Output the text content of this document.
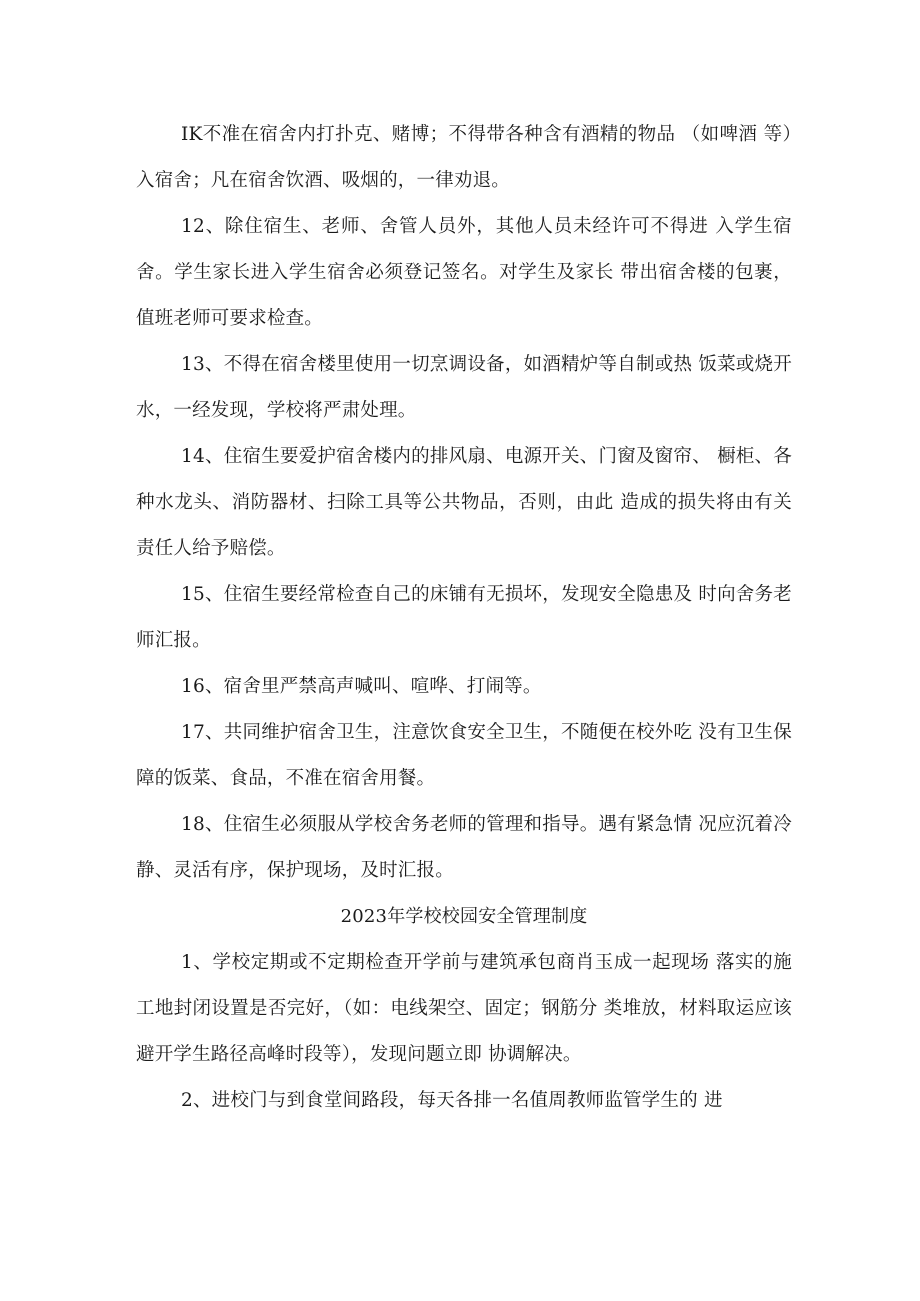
IK不准在宿舍内打扑克、赌博；不得带各种含有酒精的物品 （如啤酒 等）入宿舍；凡在宿舍饮酒、吸烟的，一律劝退。

12、除住宿生、老师、舍管人员外，其他人员未经许可不得进 入学生宿舍。学生家长进入学生宿舍必须登记签名。对学生及家长 带出宿舍楼的包裹，值班老师可要求检查。

13、不得在宿舍楼里使用一切烹调设备，如酒精炉等自制或热 饭菜或烧开水，一经发现，学校将严肃处理。

14、住宿生要爱护宿舍楼内的排风扇、电源开关、门窗及窗帘、 橱柜、各种水龙头、消防器材、扫除工具等公共物品，否则，由此 造成的损失将由有关责任人给予赔偿。

15、住宿生要经常检查自己的床铺有无损坏，发现安全隐患及 时向舍务老师汇报。

16、宿舍里严禁高声喊叫、喧哗、打闹等。

17、共同维护宿舍卫生，注意饮食安全卫生，不随便在校外吃 没有卫生保障的饭菜、食品，不准在宿舍用餐。

18、住宿生必须服从学校舍务老师的管理和指导。遇有紧急情 况应沉着冷静、灵活有序，保护现场，及时汇报。

2023年学校校园安全管理制度

1、学校定期或不定期检查开学前与建筑承包商肖玉成一起现场 落实的施工地封闭设置是否完好，（如：电线架空、固定；钢筋分 类堆放，材料取运应该避开学生路径高峰时段等），发现问题立即 协调解决。

2、进校门与到食堂间路段，每天各排一名值周教师监管学生的 进
